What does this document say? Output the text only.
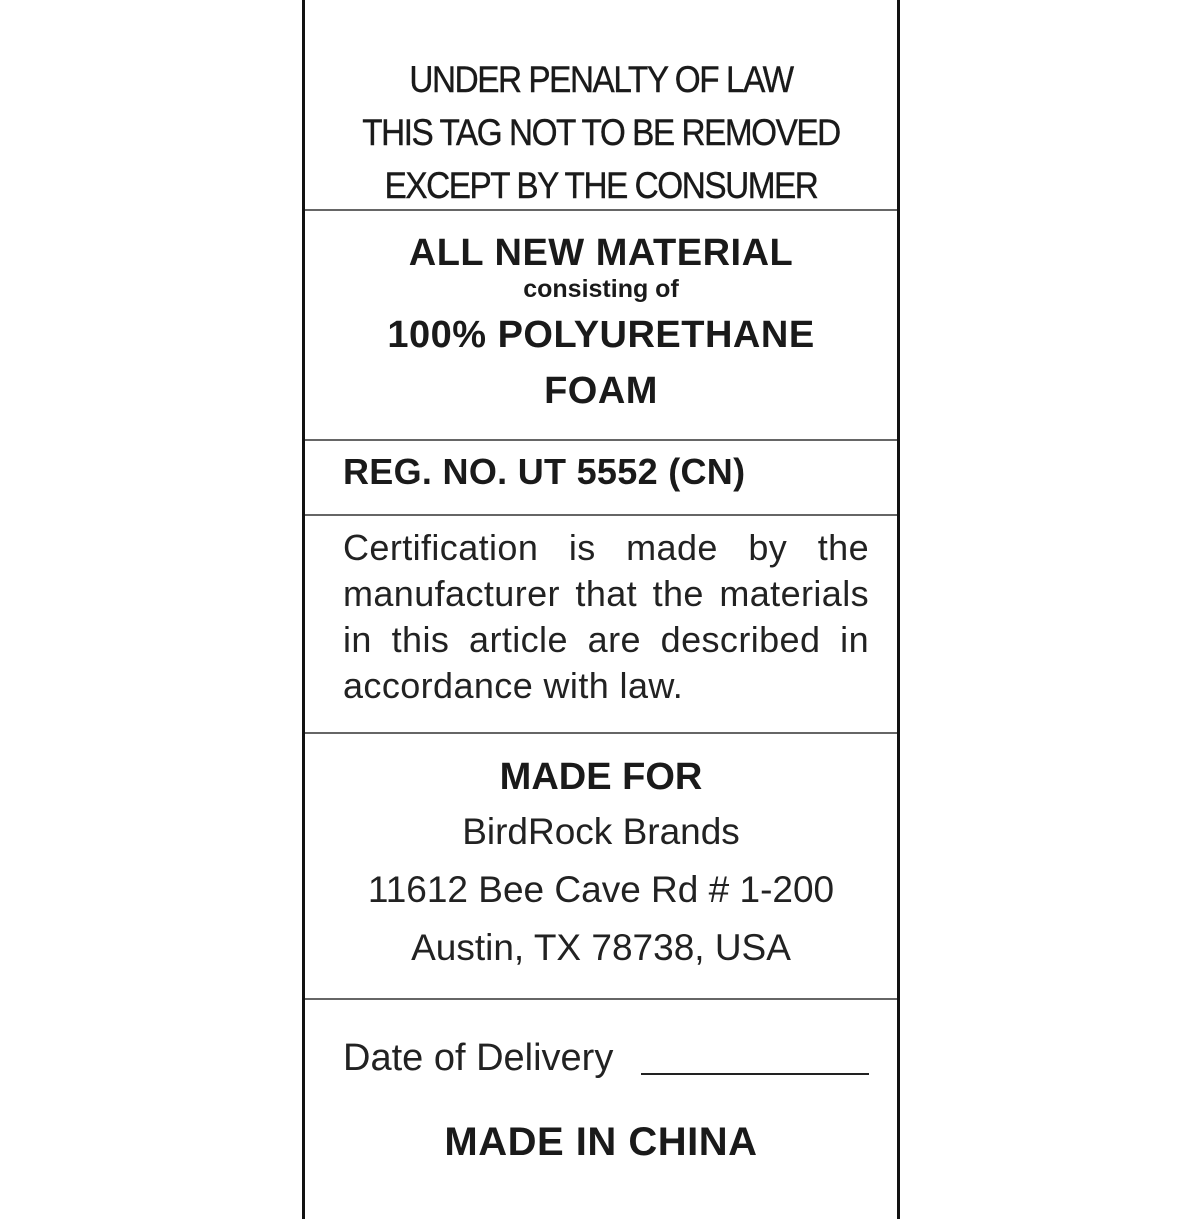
UNDER PENALTY OF LAW
THIS TAG NOT TO BE REMOVED
EXCEPT BY THE CONSUMER
ALL NEW MATERIAL
consisting of
100% POLYURETHANE
FOAM
REG. NO. UT 5552 (CN)
Certification is made by the manufacturer that the materials in this article are described in accordance with law.
MADE FOR
BirdRock Brands
11612 Bee Cave Rd # 1-200
Austin, TX 78738, USA
Date of Delivery
MADE IN CHINA
